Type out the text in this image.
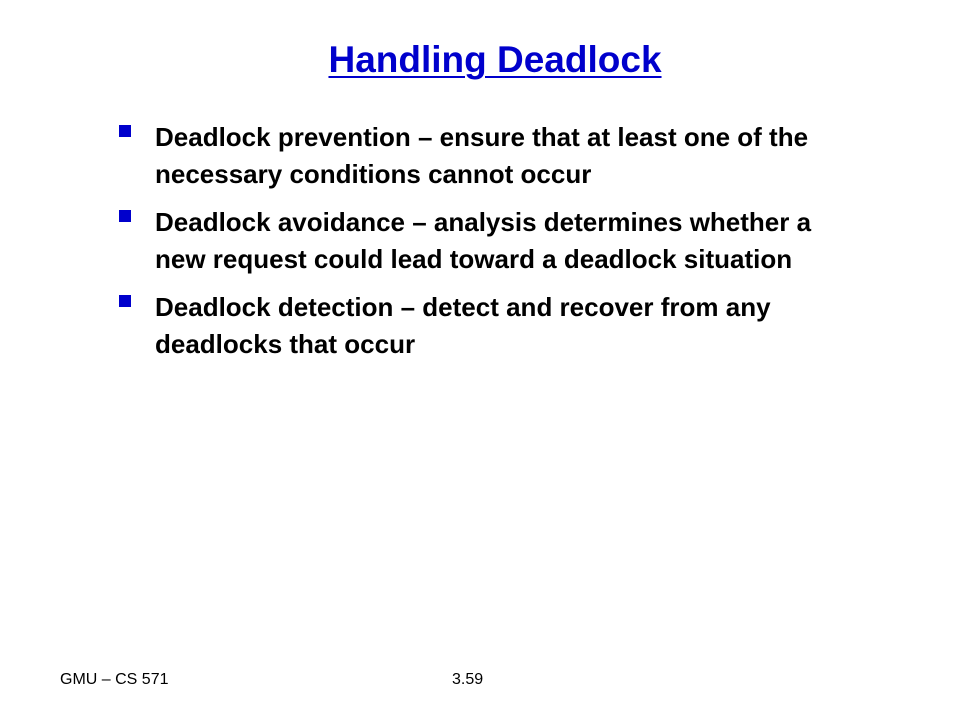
Handling Deadlock
Deadlock prevention – ensure that at least one of the necessary conditions cannot occur
Deadlock avoidance – analysis determines whether a new request could lead toward a deadlock situation
Deadlock detection – detect and recover from any deadlocks that occur
GMU – CS 571	3.59
